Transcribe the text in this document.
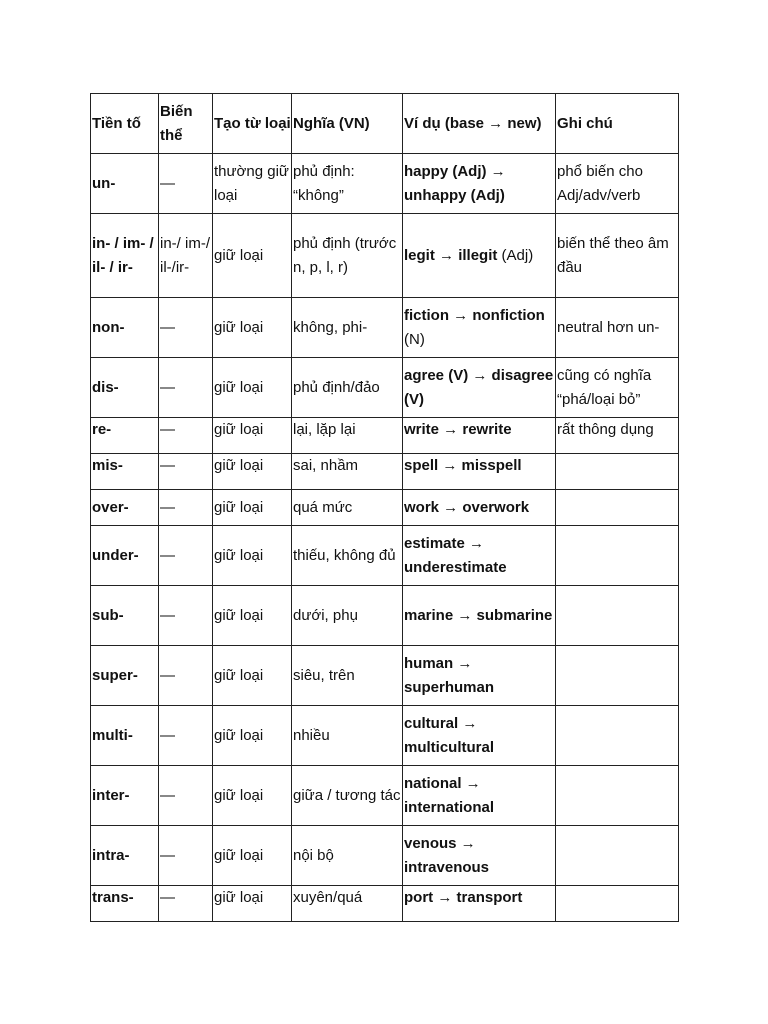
Tiền tố	Biến thể	Tạo từ loại	Nghĩa (VN)	Ví dụ (base → new)	Ghi chú
un-	—	thường giữ loại	phủ định: “không”	happy (Adj) → unhappy (Adj)	phổ biến cho Adj/adv/verb
in- / im- / il- / ir-	in-/ im-/ il-/ir-	giữ loại	phủ định (trước n, p, l, r)	legit → illegit (Adj)	biến thể theo âm đầu
non-	—	giữ loại	không, phi-	fiction → nonfiction (N)	neutral hơn un-
dis-	—	giữ loại	phủ định/đảo	agree (V) → disagree (V)	cũng có nghĩa “phá/loại bỏ”
re-	—	giữ loại	lại, lặp lại	write → rewrite	rất thông dụng
mis-	—	giữ loại	sai, nhầm	spell → misspell	
over-	—	giữ loại	quá mức	work → overwork	
under-	—	giữ loại	thiếu, không đủ	estimate → underestimate	
sub-	—	giữ loại	dưới, phụ	marine → submarine	
super-	—	giữ loại	siêu, trên	human → superhuman	
multi-	—	giữ loại	nhiều	cultural → multicultural	
inter-	—	giữ loại	giữa / tương tác	national → international	
intra-	—	giữ loại	nội bộ	venous → intravenous	
trans-	—	giữ loại	xuyên/quá	port → transport	
